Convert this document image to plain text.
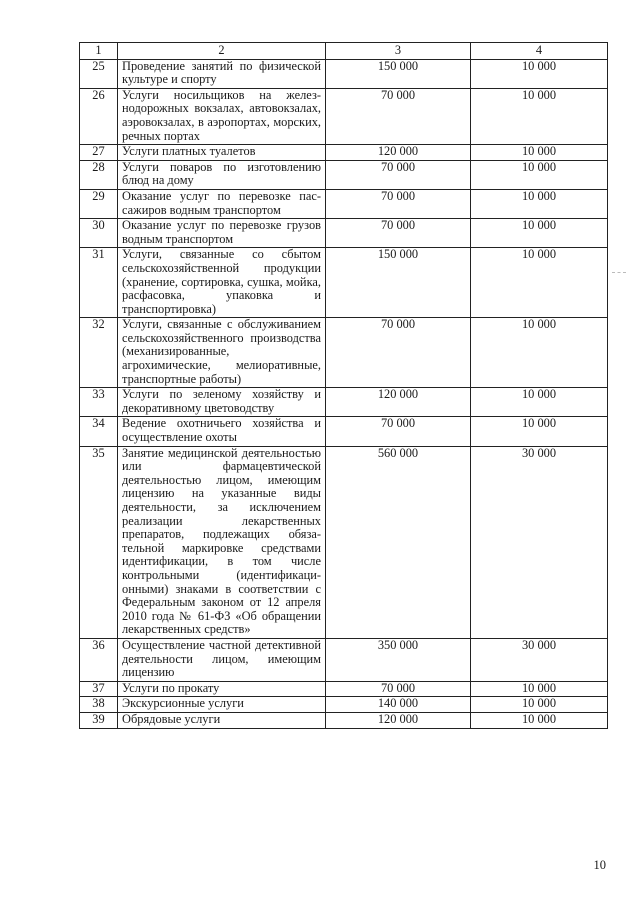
1	2	3	4
25	Проведение занятий по физической культуре и спорту	150 000	10 000
26	Услуги носильщиков на железнодорожных вокзалах, автовокзалах, аэровокзалах, в аэропортах, морских, речных портах	70 000	10 000
27	Услуги платных туалетов	120 000	10 000
28	Услуги поваров по изготовлению блюд на дому	70 000	10 000
29	Оказание услуг по перевозке пассажиров водным транспортом	70 000	10 000
30	Оказание услуг по перевозке грузов водным транспортом	70 000	10 000
31	Услуги, связанные со сбытом сельскохозяйственной продукции (хранение, сортировка, сушка, мойка, расфасовка, упаковка и транспортировка)	150 000	10 000
32	Услуги, связанные с обслуживанием сельскохозяйственного производства (механизированные, агрохимические, мелиоративные, транспортные работы)	70 000	10 000
33	Услуги по зеленому хозяйству и декоративному цветоводству	120 000	10 000
34	Ведение охотничьего хозяйства и осуществление охоты	70 000	10 000
35	Занятие медицинской деятельностью или фармацевтической деятельностью лицом, имеющим лицензию на указанные виды деятельности, за исключением реализации лекарственных препаратов, подлежащих обязательной маркировке средствами идентификации, в том числе контрольными (идентификационными) знаками в соответствии с Федеральным законом от 12 апреля 2010 года № 61-ФЗ «Об обращении лекарственных средств»	560 000	30 000
36	Осуществление частной детективной деятельности лицом, имеющим лицензию	350 000	30 000
37	Услуги по прокату	70 000	10 000
38	Экскурсионные услуги	140 000	10 000
39	Обрядовые услуги	120 000	10 000
10
